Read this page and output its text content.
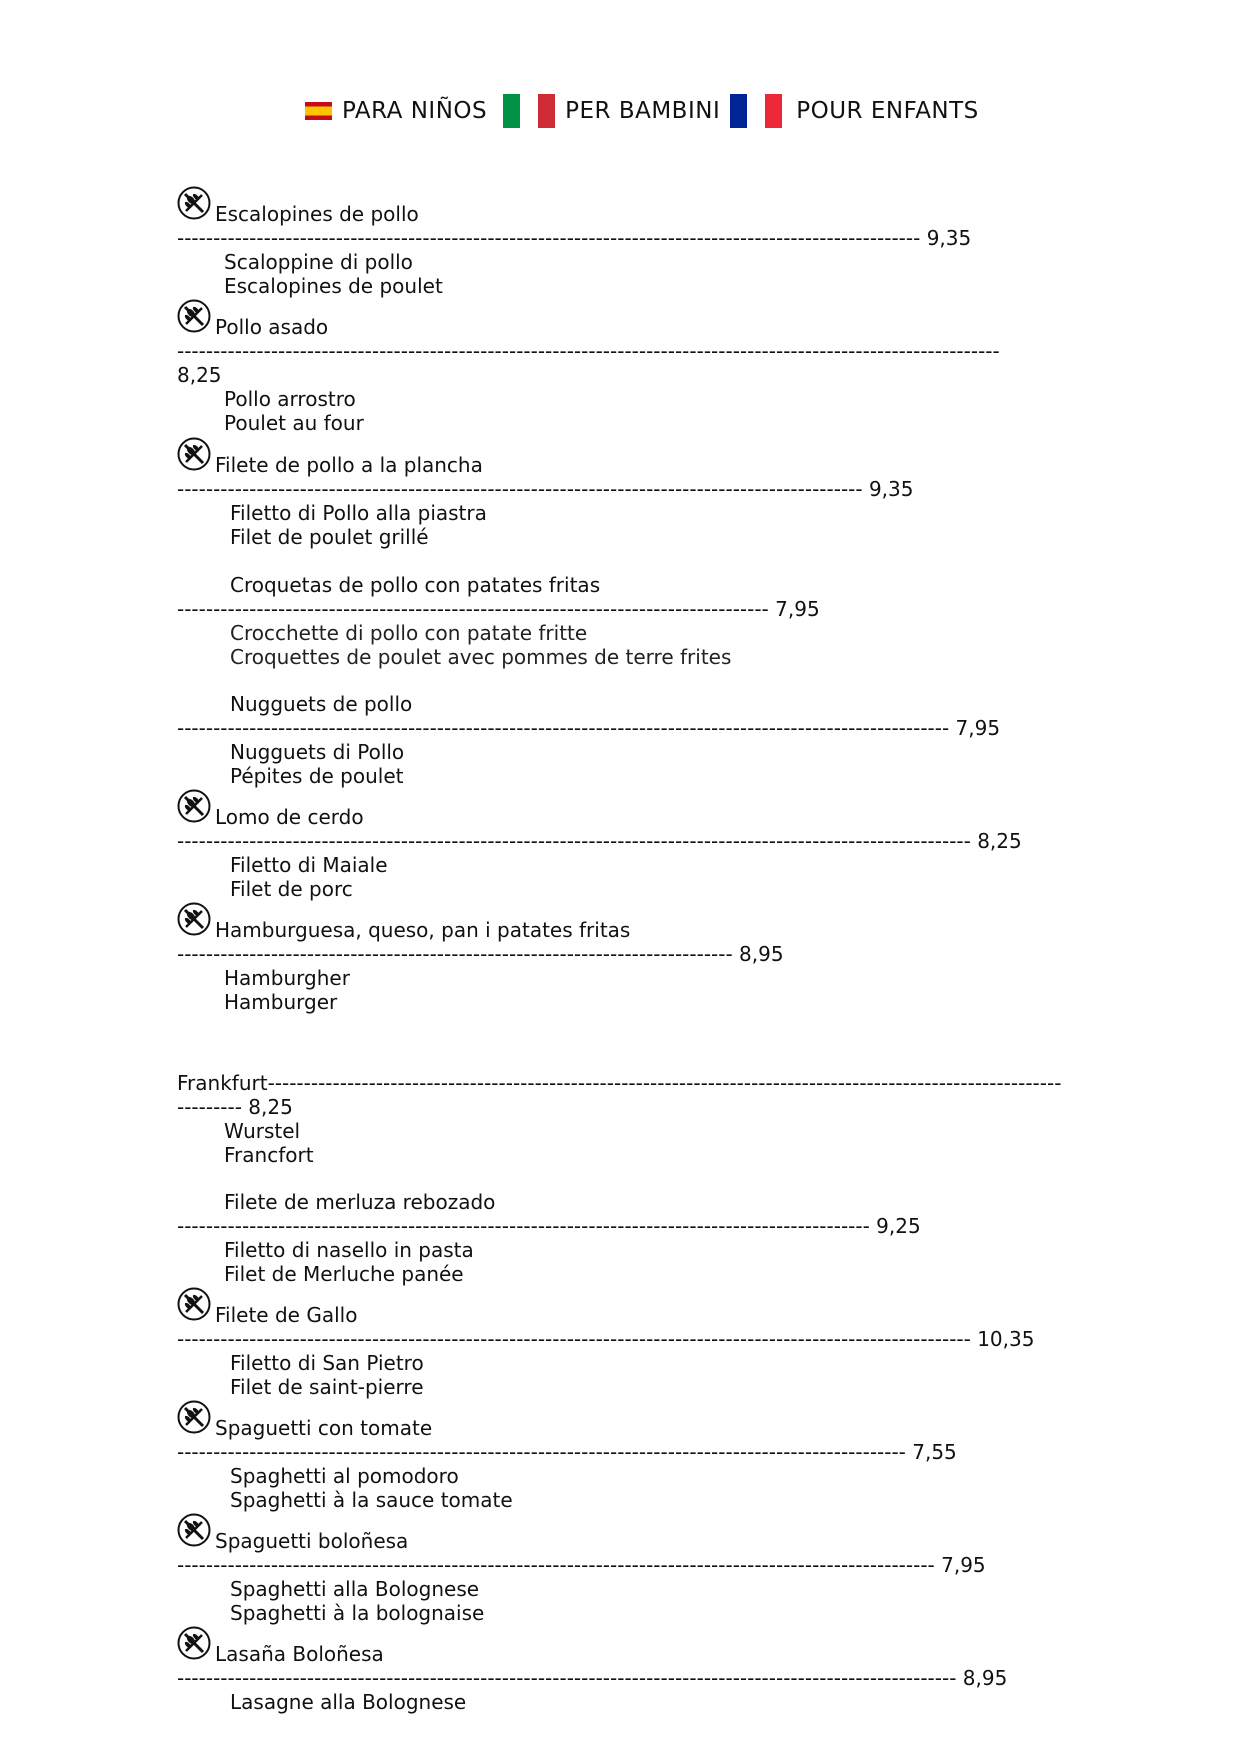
PARA NIÑOS	PER BAMBINI	POUR ENFANTS
Escalopines de pollo
------------------------------------------------------------------------------------------------------- 9,35
Scaloppine di pollo
Escalopines de poulet
Pollo asado
------------------------------------------------------------------------------------------------------------------
8,25
Pollo arrostro
Poulet au four
Filete de pollo a la plancha
----------------------------------------------------------------------------------------------- 9,35
Filetto di Pollo alla piastra
Filet de poulet grillé
Croquetas de pollo con patates fritas
---------------------------------------------------------------------------------- 7,95
Crocchette di pollo con patate fritte
Croquettes de poulet avec pommes de terre frites
Nugguets de pollo
----------------------------------------------------------------------------------------------------------- 7,95
Nugguets di Pollo
Pépites de poulet
Lomo de cerdo
-------------------------------------------------------------------------------------------------------------- 8,25
Filetto di Maiale
Filet de porc
Hamburguesa, queso, pan i patates fritas
----------------------------------------------------------------------------- 8,95
Hamburgher
Hamburger
Frankfurt--------------------------------------------------------------------------------------------------------------
--------- 8,25
Wurstel
Francfort
Filete de merluza rebozado
------------------------------------------------------------------------------------------------ 9,25
Filetto di nasello in pasta
Filet de Merluche panée
Filete de Gallo
-------------------------------------------------------------------------------------------------------------- 10,35
Filetto di San Pietro
Filet de saint-pierre
Spaguetti con tomate
----------------------------------------------------------------------------------------------------- 7,55
Spaghetti al pomodoro
Spaghetti à la sauce tomate
Spaguetti boloñesa
--------------------------------------------------------------------------------------------------------- 7,95
Spaghetti alla Bolognese
Spaghetti à la bolognaise
Lasaña Boloñesa
------------------------------------------------------------------------------------------------------------ 8,95
Lasagne alla Bolognese
